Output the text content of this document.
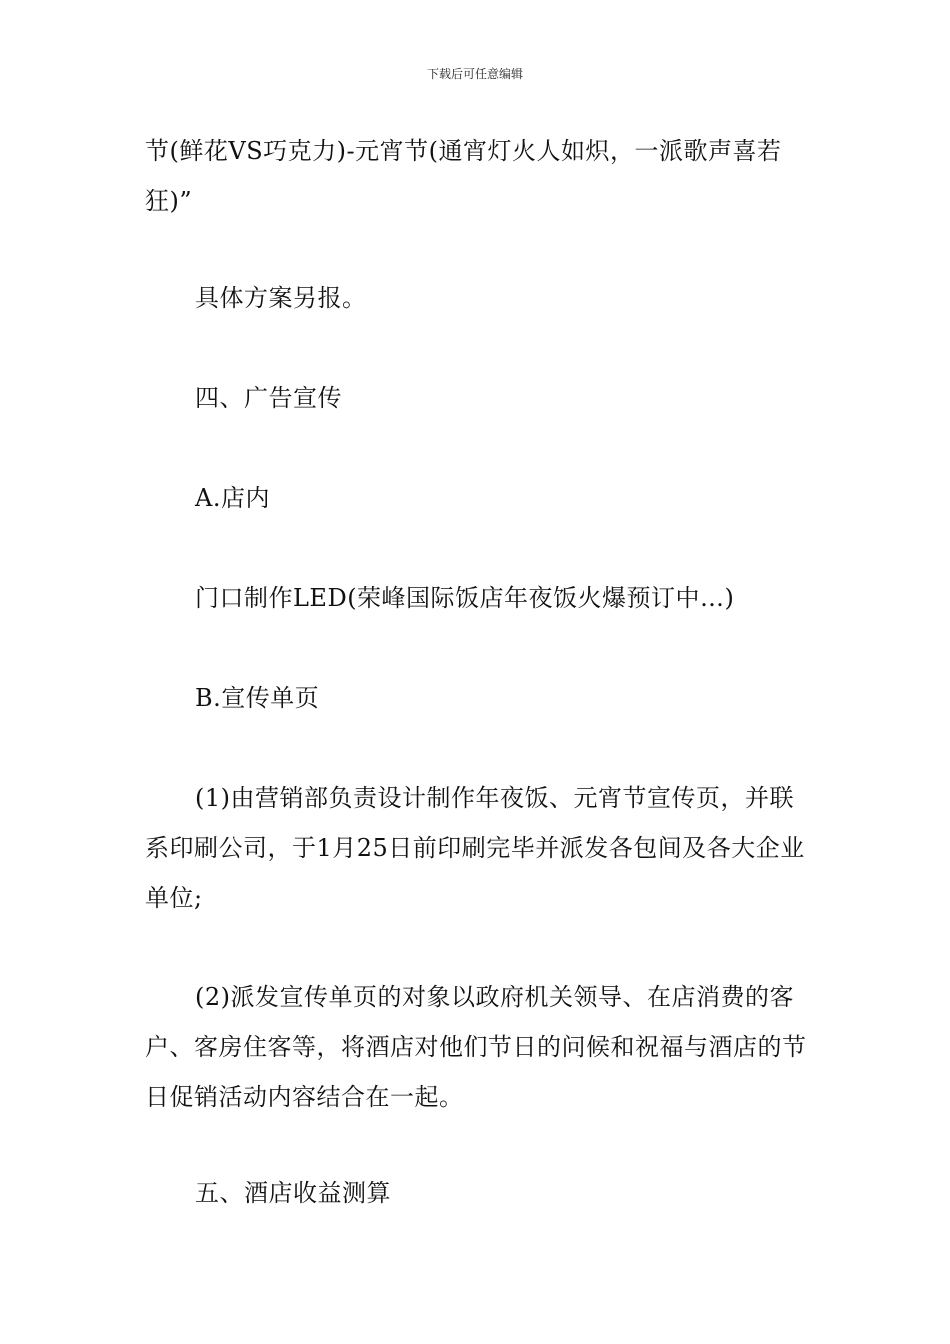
下载后可任意编辑

节(鲜花VS巧克力)-元宵节(通宵灯火人如炽，一派歌声喜若狂)”

具体方案另报。

四、广告宣传

A.店内

门口制作LED(荣峰国际饭店年夜饭火爆预订中…)

B.宣传单页

(1)由营销部负责设计制作年夜饭、元宵节宣传页，并联系印刷公司，于1月25日前印刷完毕并派发各包间及各大企业单位;

(2)派发宣传单页的对象以政府机关领导、在店消费的客户、客房住客等，将酒店对他们节日的问候和祝福与酒店的节日促销活动内容结合在一起。

五、酒店收益测算
